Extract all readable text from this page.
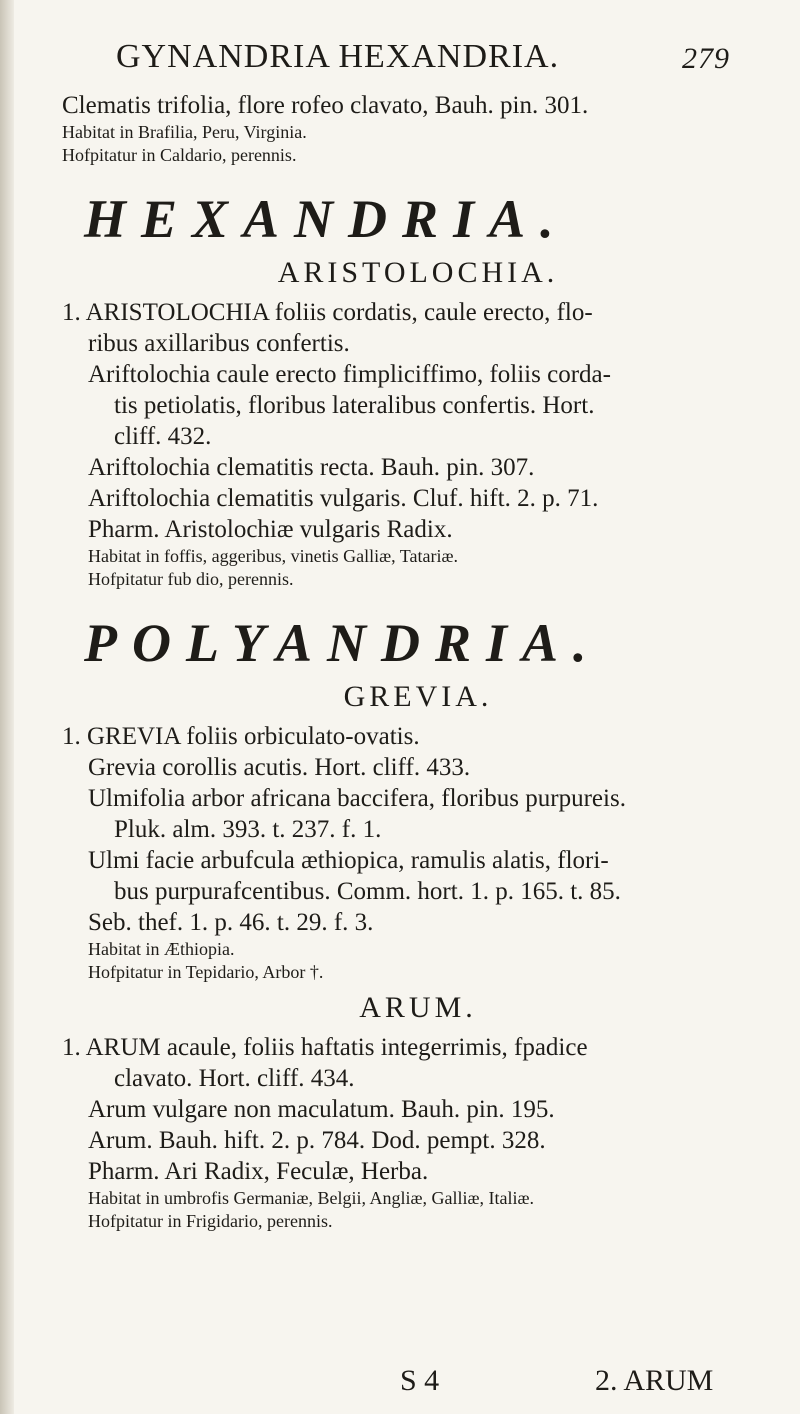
GYNANDRIA HEXANDRIA.	279

Clematis trifolia, flore rofeo clavato, Bauh. pin. 301.

Habitat in Brafilia, Peru, Virginia.

Hofpitatur in Caldario, perennis.

HEXANDRIA.
ARISTOLOCHIA.

1. ARISTOLOCHIA foliis cordatis, caule erecto, flo-

ribus axillaribus confertis.

Ariftolochia caule erecto fimpliciffimo, foliis corda-

tis petiolatis, floribus lateralibus confertis. Hort.

cliff. 432.

Ariftolochia clematitis recta. Bauh. pin. 307.

Ariftolochia clematitis vulgaris. Cluf. hift. 2. p. 71.

Pharm. Aristolochiæ vulgaris Radix.

Habitat in foffis, aggeribus, vinetis Galliæ, Tatariæ.

Hofpitatur fub dio, perennis.

POLYANDRIA.
GREVIA.

1. GREVIA foliis orbiculato-ovatis.

Grevia corollis acutis. Hort. cliff. 433.

Ulmifolia arbor africana baccifera, floribus purpureis.

Pluk. alm. 393. t. 237. f. 1.

Ulmi facie arbufcula æthiopica, ramulis alatis, flori-

bus purpurafcentibus. Comm. hort. 1. p. 165. t. 85.

Seb. thef. 1. p. 46. t. 29. f. 3.

Habitat in Æthiopia.

Hofpitatur in Tepidario, Arbor †.

ARUM.

1. ARUM acaule, foliis haftatis integerrimis, fpadice

clavato. Hort. cliff. 434.

Arum vulgare non maculatum. Bauh. pin. 195.

Arum. Bauh. hift. 2. p. 784. Dod. pempt. 328.

Pharm. Ari Radix, Feculæ, Herba.

Habitat in umbrofis Germaniæ, Belgii, Angliæ, Galliæ, Italiæ.

Hofpitatur in Frigidario, perennis.

S 4	2. ARUM
